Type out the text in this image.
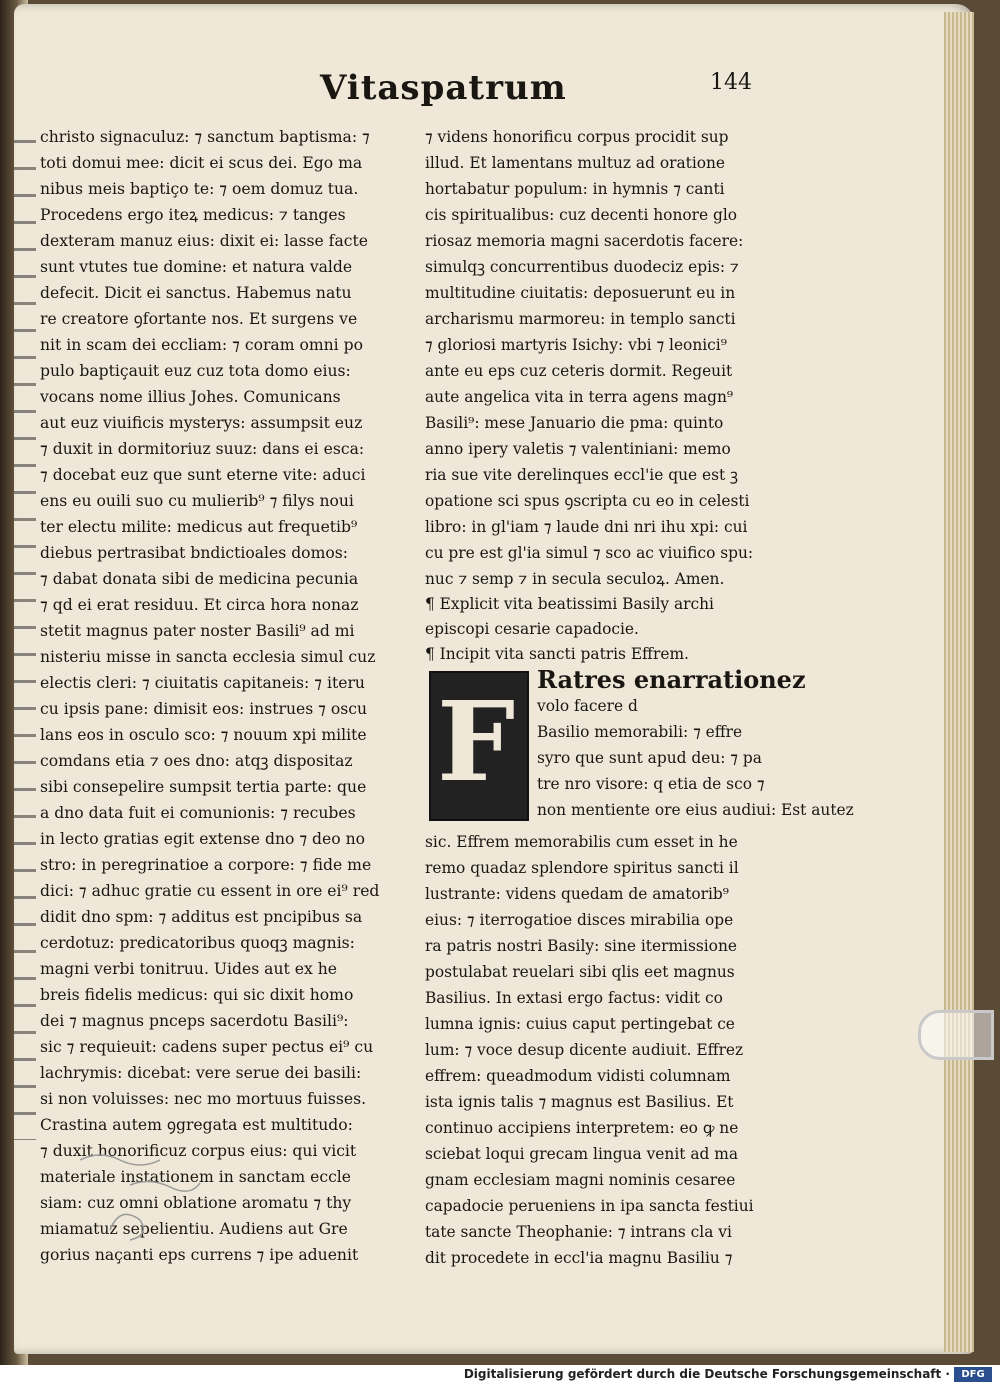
Vitaspatrum	144
christo signaculuz: ⁊ sanctum baptisma: ⁊
toti domui mee: dicit ei scus dei. Ego ma
nibus meis baptiço te: ⁊ oem domuz tua.
Procedens ergo iteꝝ medicus: ⁊ tanges
dexteram manuz eius: dixit ei: lasse facte
sunt vtutes tue domine: et natura valde
defecit. Dicit ei sanctus. Habemus natu
re creatore ꝯfortante nos. Et surgens ve
nit in scam dei eccliam: ⁊ coram omni po
pulo baptiçauit euz cuz tota domo eius:
vocans nome illius Johes. Comunicans
aut euz viuificis mysterys: assumpsit euz
⁊ duxit in dormitoriuz suuz: dans ei esca:
⁊ docebat euz que sunt eterne vite: aduci
ens eu ouili suo cu mulierib⁹ ⁊ filys noui
ter electu milite: medicus aut frequetib⁹
diebus pertrasibat bndictioales domos:
⁊ dabat donata sibi de medicina pecunia
⁊ qd ei erat residuu. Et circa hora nonaz
stetit magnus pater noster Basili⁹ ad mi
nisteriu misse in sancta ecclesia simul cuz
electis cleri: ⁊ ciuitatis capitaneis: ⁊ iteru
cu ipsis pane: dimisit eos: instrues ⁊ oscu
lans eos in osculo sco: ⁊ nouum xpi milite
comdans etia ⁊ oes dno: atqꝫ dispositaz
sibi consepelire sumpsit tertia parte: que
a dno data fuit ei comunionis: ⁊ recubes
in lecto gratias egit extense dno ⁊ deo no
stro: in peregrinatioe a corpore: ⁊ fide me
dici: ⁊ adhuc gratie cu essent in ore ei⁹ red
didit dno spm: ⁊ additus est pncipibus sa
cerdotuz: predicatoribus quoqꝫ magnis:
magni verbi tonitruu. Uides aut ex he
breis fidelis medicus: qui sic dixit homo
dei ⁊ magnus pnceps sacerdotu Basili⁹:
sic ⁊ requieuit: cadens super pectus ei⁹ cu
lachrymis: dicebat: vere serue dei basili:
si non voluisses: nec mo mortuus fuisses.
Crastina autem ꝯgregata est multitudo:
⁊ duxit honorificuz corpus eius: qui vicit
materiale instationem in sanctam eccle
siam: cuz omni oblatione aromatu ⁊ thy
miamatuz sepelientiu. Audiens aut Gre
gorius naçanti eps currens ⁊ ipe aduenit
⁊ videns honorificu corpus procidit sup
illud. Et lamentans multuz ad oratione
hortabatur populum: in hymnis ⁊ canti
cis spiritualibus: cuz decenti honore glo
riosaz memoria magni sacerdotis facere:
simulqꝫ concurrentibus duodeciz epis: ⁊
multitudine ciuitatis: deposuerunt eu in
archarismu marmoreu: in templo sancti
⁊ gloriosi martyris Isichy: vbi ⁊ leonici⁹
ante eu eps cuz ceteris dormit. Regeuit
aute angelica vita in terra agens magn⁹
Basili⁹: mese Januario die pma: quinto
anno ipery valetis ⁊ valentiniani: memo
ria sue vite derelinques eccl'ie que est ꝫ
opatione sci spus ꝯscripta cu eo in celesti
libro: in gl'iam ⁊ laude dni nri ihu xpi: cui
cu pre est gl'ia simul ⁊ sco ac viuifico spu:
nuc ⁊ semp ⁊ in secula seculoꝝ. Amen.
¶ Explicit vita beatissimi Basily archi
episcopi cesarie capadocie.
¶ Incipit vita sancti patris Effrem.
F Ratres enarrationez
volo facere d
Basilio memorabili: ⁊ effre
syro que sunt apud deu: ⁊ pa
tre nro visore: q etia de sco ⁊
non mentiente ore eius audiui: Est autez
sic. Effrem memorabilis cum esset in he
remo quadaz splendore spiritus sancti il
lustrante: videns quedam de amatorib⁹
eius: ⁊ iterrogatioe disces mirabilia ope
ra patris nostri Basily: sine itermissione
postulabat reuelari sibi qlis eet magnus
Basilius. In extasi ergo factus: vidit co
lumna ignis: cuius caput pertingebat ce
lum: ⁊ voce desup dicente audiuit. Effrez
effrem: queadmodum vidisti columnam
ista ignis talis ⁊ magnus est Basilius. Et
continuo accipiens interpretem: eo ꝙ ne
sciebat loqui grecam lingua venit ad ma
gnam ecclesiam magni nominis cesaree
capadocie perueniens in ipa sancta festiui
tate sancte Theophanie: ⁊ intrans cla vi
dit procedete in eccl'ia magnu Basiliu ⁊
Digitalisierung gefördert durch die Deutsche Forschungsgemeinschaft ·	DFG
